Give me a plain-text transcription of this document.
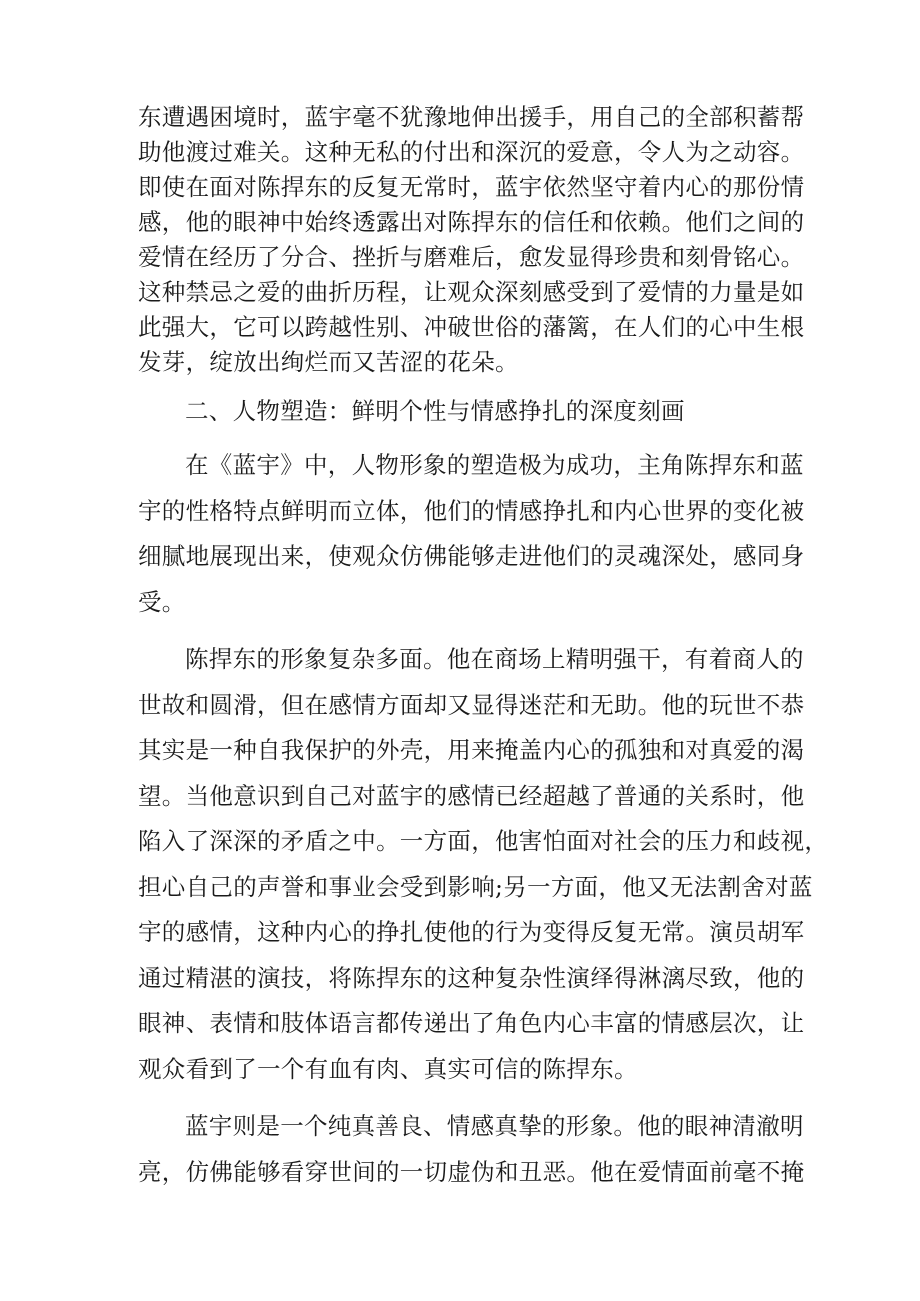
东遭遇困境时，蓝宇毫不犹豫地伸出援手，用自己的全部积蓄帮
助他渡过难关。这种无私的付出和深沉的爱意，令人为之动容。
即使在面对陈捍东的反复无常时，蓝宇依然坚守着内心的那份情
感，他的眼神中始终透露出对陈捍东的信任和依赖。他们之间的
爱情在经历了分合、挫折与磨难后，愈发显得珍贵和刻骨铭心。
这种禁忌之爱的曲折历程，让观众深刻感受到了爱情的力量是如
此强大，它可以跨越性别、冲破世俗的藩篱，在人们的心中生根
发芽，绽放出绚烂而又苦涩的花朵。
二、人物塑造：鲜明个性与情感挣扎的深度刻画
在《蓝宇》中，人物形象的塑造极为成功，主角陈捍东和蓝
宇的性格特点鲜明而立体，他们的情感挣扎和内心世界的变化被
细腻地展现出来，使观众仿佛能够走进他们的灵魂深处，感同身
受。
陈捍东的形象复杂多面。他在商场上精明强干，有着商人的
世故和圆滑，但在感情方面却又显得迷茫和无助。他的玩世不恭
其实是一种自我保护的外壳，用来掩盖内心的孤独和对真爱的渴
望。当他意识到自己对蓝宇的感情已经超越了普通的关系时，他
陷入了深深的矛盾之中。一方面，他害怕面对社会的压力和歧视，
担心自己的声誉和事业会受到影响;另一方面，他又无法割舍对蓝
宇的感情，这种内心的挣扎使他的行为变得反复无常。演员胡军
通过精湛的演技，将陈捍东的这种复杂性演绎得淋漓尽致，他的
眼神、表情和肢体语言都传递出了角色内心丰富的情感层次，让
观众看到了一个有血有肉、真实可信的陈捍东。
蓝宇则是一个纯真善良、情感真挚的形象。他的眼神清澈明
亮，仿佛能够看穿世间的一切虚伪和丑恶。他在爱情面前毫不掩
